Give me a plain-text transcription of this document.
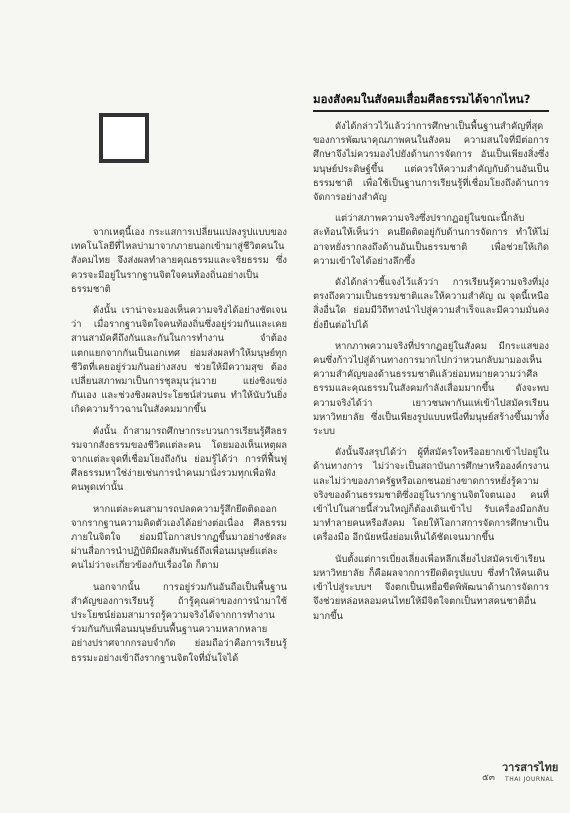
มองสังคมในสังคมเสื่อมศีลธรรมได้จากไหน?

จากเหตุนี้เอง กระแสการเปลี่ยนแปลงรูปแบบของเทคโนโลยีที่ไหลบ่ามาจากภายนอกเข้ามาสู่ชีวิตคนในสังคมไทย จึงส่งผลทำลายคุณธรรมและจริยธรรม ซึ่งควรจะมีอยู่ในรากฐานจิตใจคนท้องถิ่นอย่างเป็นธรรมชาติ

ดังนั้น เราน่าจะมองเห็นความจริงได้อย่างชัดเจนว่า เมื่อรากฐานจิตใจคนท้องถิ่นซึ่งอยู่ร่วมกันและเคยสานสามัคคีถึงกันและกันในการทำงาน จำต้องแตกแยกจากกันเป็นเอกเทศ ย่อมส่งผลทำให้มนุษย์ทุกชีวิตที่เคยอยู่ร่วมกันอย่างสงบ ช่วยให้มีความสุข ต้องเปลี่ยนสภาพมาเป็นการชุลมุนวุ่นวาย แย่งชิงแข่งกันเอง และช่วงชิงผลประโยชน์ส่วนตน ทำให้นับวันยิ่งเกิดความร้าวฉานในสังคมมากขึ้น

ดังนั้น ถ้าสามารถศึกษากระบวนการเรียนรู้ศีลธรรมจากสังธรรมของชีวิตแต่ละคน โดยมองเห็นเหตุผลจากแต่ละจุดที่เชื่อมโยงถึงกัน ย่อมรู้ได้ว่า การที่ฟื้นฟูศีลธรรมหาใช่ง่ายเช่นการนำคนมานั่งรวมทุกเพื่อฟังคนพูดเท่านั้น

หากแต่ละคนสามารถปลดความรู้สึกยึดติดออกจากรากฐานความคิดตัวเองได้อย่างต่อเนื่อง ศีลธรรมภายในจิตใจ ย่อมมีโอกาสปรากฏขึ้นมาอย่างชัดสะ ผ่านสื่อการนำปฏิบัติมีผลสัมพันธ์ถึงเพื่อนมนุษย์แต่ละคนไม่ว่าจะเกี่ยวข้องกับเรื่องใด ก็ตาม

นอกจากนั้น การอยู่ร่วมกันอันถือเป็นพื้นฐานสำคัญของการเรียนรู้ ถ้ารู้คุณค่าของการนำมาใช้ประโยชน์ย่อมสามารถรู้ความจริงได้จากการทำงานร่วมกันกับเพื่อนมนุษย์บนพื้นฐานความหลากหลายอย่างปราศจากกรอบจำกัด ย่อมถือว่าคือการเรียนรู้ธรรมะอย่างเข้าถึงรากฐานจิตใจที่มั่นใจได้

ดังได้กล่าวไว้แล้วว่าการศึกษาเป็นพื้นฐานสำคัญที่สุดของการพัฒนาคุณภาพคนในสังคม ความสนใจที่มีต่อการศึกษาจึงไม่ควรมองไปยังด้านการจัดการ อันเป็นเพียงสิ่งซึ่งมนุษย์ประดิษฐ์ขึ้น แต่ควรให้ความสำคัญกับด้านอันเป็นธรรมชาติ เพื่อใช้เป็นฐานการเรียนรู้ที่เชื่อมโยงถึงด้านการจัดการอย่างสำคัญ

แต่ว่าสภาพความจริงซึ่งปรากฏอยู่ในขณะนี้กลับสะท้อนให้เห็นว่า คนยึดติดอยู่กับด้านการจัดการ ทำให้ไม่อาจหยั่งรากลงถึงด้านอันเป็นธรรมชาติ เพื่อช่วยให้เกิดความเข้าใจได้อย่างลึกซึ้ง

ดังได้กล่าวชี้แจงไว้แล้วว่า การเรียนรู้ความจริงที่มุ่งตรงถึงความเป็นธรรมชาติและให้ความสำคัญ ณ จุดนี้เหนือสิ่งอื่นใด ย่อมมีวิถีทางนำไปสู่ความสำเร็จและมีความมั่นคงยั่งยืนต่อไปได้

หากภาพความจริงที่ปรากฏอยู่ในสังคม มีกระแสของคนซึ่งก้าวไปสู่ด้านทางการมากไปกว่าหวนกลับมามองเห็นความสำคัญของด้านธรรมชาติแล้วย่อมหมายความว่าศีลธรรมและคุณธรรมในสังคมกำลังเสื่อมมากขึ้น ดังจะพบความจริงได้ว่า เยาวชนพากันแห่เข้าไปสมัครเรียนมหาวิทยาลัย ซึ่งเป็นเพียงรูปแบบหนึ่งที่มนุษย์สร้างขึ้นมาทั้งระบบ

ดังนั้นจึงสรุปได้ว่า ผู้ที่สมัครใจหรืออยากเข้าไปอยู่ในด้านทางการ ไม่ว่าจะเป็นสถาบันการศึกษาหรือองค์กรงาน และไม่ว่าของภาครัฐหรือเอกชนอย่างขาดการหยั่งรู้ความจริงของด้านธรรมชาติซึ่งอยู่ในรากฐานจิตใจตนเอง คนที่เข้าไปในสายนี้ส่วนใหญ่ก็ต้องเดินเข้าไป รับเครื่องมือกลับมาทำลายคนหรือสังคม โดยให้โอกาสการจัดการศึกษาเป็นเครื่องมือ อีกนัยหนึ่งย่อมเห็นได้ชัดเจนมากขึ้น

นับตั้งแต่การเบี่ยงเลี่ยงเพื่อหลีกเลี่ยงไปสมัครเข้าเรียนมหาวิทยาลัย ก็คือผลจากการยึดติดรูปแบบ ซึ่งทำให้คนเดินเข้าไปสู่ระบบฯ จึงตกเป็นเหยื่อขีดพิพัฒนาด้านการจัดการ จึงช่วยหล่อหลอมคนไทยให้มีจิตใจตกเป็นทาสคนชาติอื่นมากขึ้น

๕๓
วารสารไทย
THAI JOURNAL
